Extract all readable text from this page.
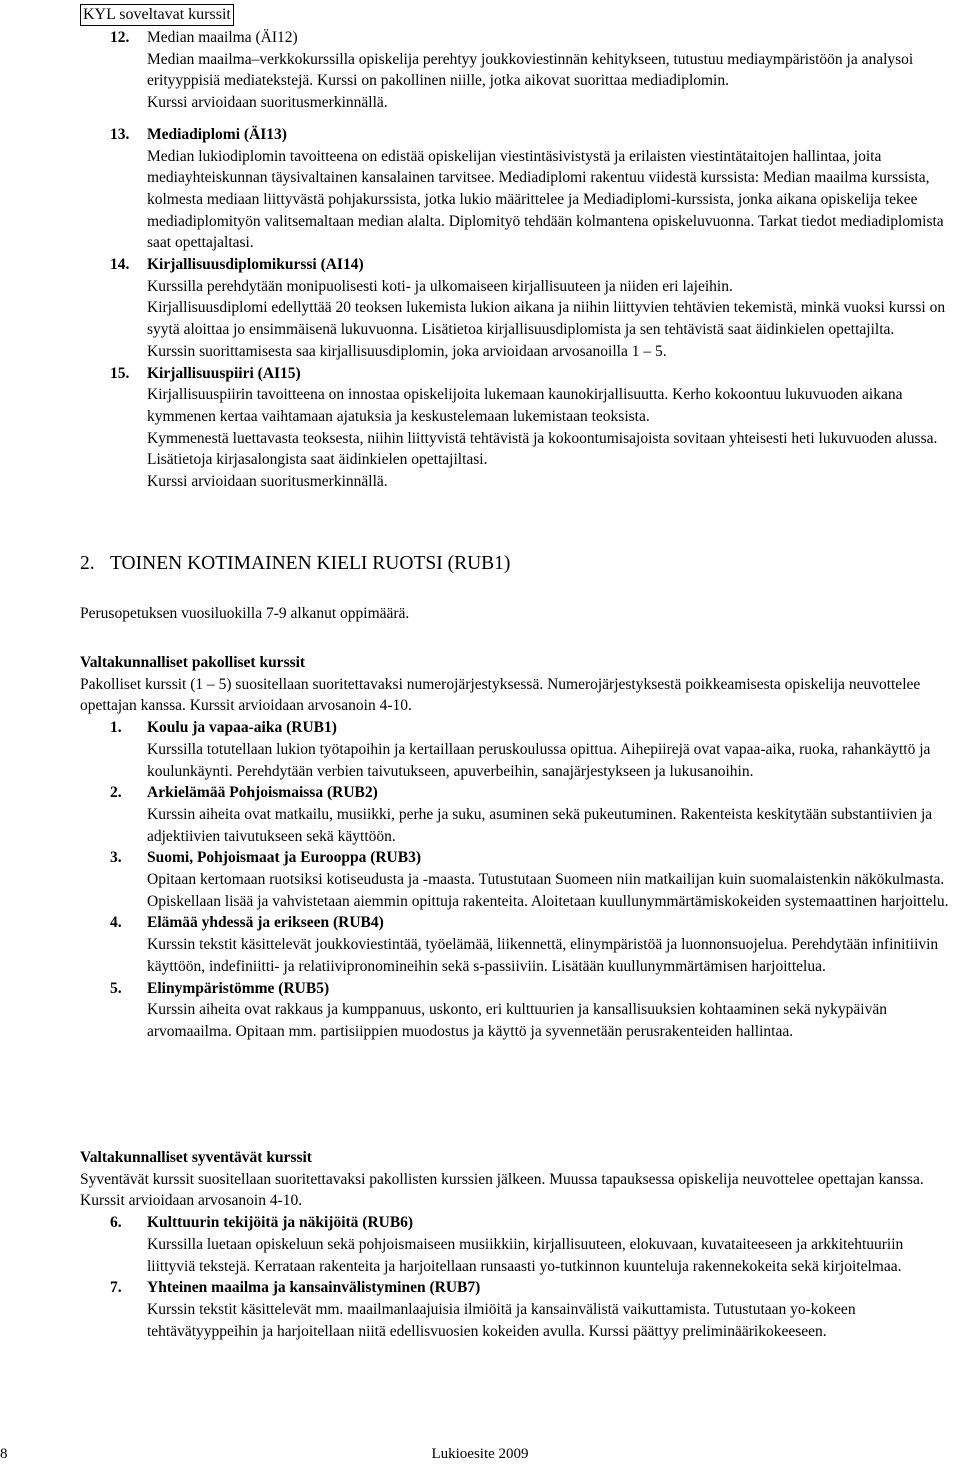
KYL soveltavat kurssit
12.	Median maailma (ÄI12)

Median maailma–verkkokurssilla opiskelija perehtyy joukkoviestinnän kehitykseen, tutustuu mediaympäristöön ja analysoi erityyppisiä mediatekstejä. Kurssi on pakollinen niille, jotka aikovat suorittaa mediadiplomin.

Kurssi arvioidaan suoritusmerkinnällä.

13.	Mediadiplomi (ÄI13)

Median lukiodiplomin tavoitteena on edistää opiskelijan viestintäsivistystä ja erilaisten viestintätaitojen hallintaa, joita mediayhteiskunnan täysivaltainen kansalainen tarvitsee. Mediadiplomi rakentuu viidestä kurssista: Median maailma kurssista, kolmesta mediaan liittyvästä pohjakurssista, jotka lukio määrittelee ja Mediadiplomi-kurssista, jonka aikana opiskelija tekee mediadiplomityön valitsemaltaan median alalta. Diplomityö tehdään kolmantena opiskeluvuonna. Tarkat tiedot mediadiplomista saat opettajaltasi.

14.	Kirjallisuusdiplomikurssi (AI14)

Kurssilla perehdytään monipuolisesti koti- ja ulkomaiseen kirjallisuuteen ja niiden eri lajeihin.

Kirjallisuusdiplomi edellyttää 20 teoksen lukemista lukion aikana ja niihin liittyvien tehtävien tekemistä, minkä vuoksi kurssi on syytä aloittaa jo ensimmäisenä lukuvuonna. Lisätietoa kirjallisuusdiplomista ja sen tehtävistä saat äidinkielen opettajilta.

Kurssin suorittamisesta saa kirjallisuusdiplomin, joka arvioidaan arvosanoilla 1 – 5.

15.	Kirjallisuuspiiri (AI15)

Kirjallisuuspiirin tavoitteena on innostaa opiskelijoita lukemaan kaunokirjallisuutta. Kerho kokoontuu lukuvuoden aikana kymmenen kertaa vaihtamaan ajatuksia ja keskustelemaan lukemistaan teoksista.

Kymmenestä luettavasta teoksesta, niihin liittyvistä tehtävistä ja kokoontumisajoista sovitaan yhteisesti heti lukuvuoden alussa. Lisätietoja kirjasalongista saat äidinkielen opettajiltasi.

Kurssi arvioidaan suoritusmerkinnällä.

2. TOINEN KOTIMAINEN KIELI RUOTSI (RUB1)
Perusopetuksen vuosiluokilla 7-9 alkanut oppimäärä.

Valtakunnalliset pakolliset kurssit

Pakolliset kurssit (1 – 5) suositellaan suoritettavaksi numerojärjestyksessä. Numerojärjestyksestä poikkeamisesta opiskelija neuvottelee opettajan kanssa. Kurssit arvioidaan arvosanoin 4-10.

1.	Koulu ja vapaa-aika (RUB1)

Kurssilla totutellaan lukion työtapoihin ja kertaillaan peruskoulussa opittua. Aihepiirejä ovat vapaa-aika, ruoka, rahankäyttö ja koulunkäynti. Perehdytään verbien taivutukseen, apuverbeihin, sanajärjestykseen ja lukusanoihin.

2.	Arkielämää Pohjoismaissa (RUB2)

Kurssin aiheita ovat matkailu, musiikki, perhe ja suku, asuminen sekä pukeutuminen. Rakenteista keskitytään substantiivien ja adjektiivien taivutukseen sekä käyttöön.

3.	Suomi, Pohjoismaat ja Eurooppa (RUB3)

Opitaan kertomaan ruotsiksi kotiseudusta ja -maasta. Tutustutaan Suomeen niin matkailijan kuin suomalaistenkin näkökulmasta. Opiskellaan lisää ja vahvistetaan aiemmin opittuja rakenteita. Aloitetaan kuullunymmärtämiskokeiden systemaattinen harjoittelu.

4.	Elämää yhdessä ja erikseen (RUB4)

Kurssin tekstit käsittelevät joukkoviestintää, työelämää, liikennettä, elinympäristöä ja luonnonsuojelua. Perehdytään infinitiivin käyttöön, indefiniitti- ja relatiivipronomineihin sekä s-passiiviin. Lisätään kuullunymmärtämisen harjoittelua.

5.	Elinympäristömme (RUB5)

Kurssin aiheita ovat rakkaus ja kumppanuus, uskonto, eri kulttuurien ja kansallisuuksien kohtaaminen sekä nykypäivän arvomaailma. Opitaan mm. partisiippien muodostus ja käyttö ja syvennetään perusrakenteiden hallintaa.

Valtakunnalliset syventävät kurssit

Syventävät kurssit suositellaan suoritettavaksi pakollisten kurssien jälkeen. Muussa tapauksessa opiskelija neuvottelee opettajan kanssa. Kurssit arvioidaan arvosanoin 4-10.

6.	Kulttuurin tekijöitä ja näkijöitä (RUB6)

Kurssilla luetaan opiskeluun sekä pohjoismaiseen musiikkiin, kirjallisuuteen, elokuvaan, kuvataiteeseen ja arkkitehtuuriin liittyviä tekstejä. Kerrataan rakenteita ja harjoitellaan runsaasti yo-tutkinnon kuunteluja rakennekokeita sekä kirjoitelmaa.

7.	Yhteinen maailma ja kansainvälistyminen (RUB7)

Kurssin tekstit käsittelevät mm. maailmanlaajuisia ilmiöitä ja kansainvälistä vaikuttamista. Tutustutaan yo-kokeen tehtävätyyppeihin ja harjoitellaan niitä edellisvuosien kokeiden avulla. Kurssi päättyy preliminäärikokeeseen.

8	Lukioesite 2009
